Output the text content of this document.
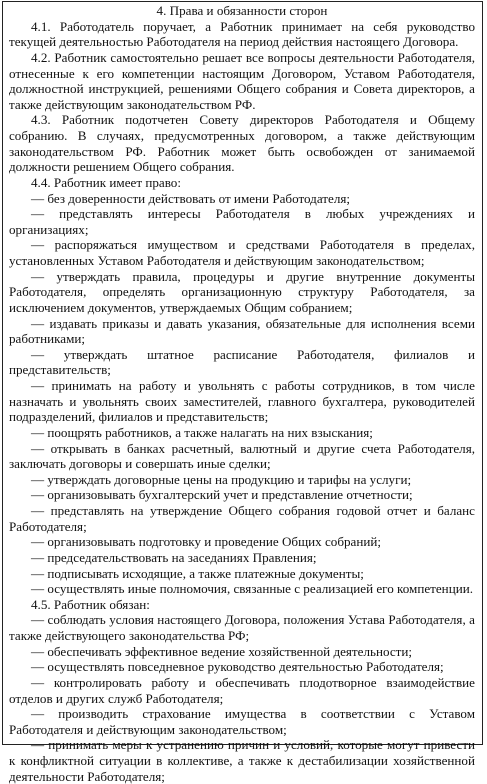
4. Права и обязанности сторон

4.1. Работодатель поручает, а Работник принимает на себя руководство текущей деятельностью Работодателя на период действия настоящего Договора.

4.2. Работник самостоятельно решает все вопросы деятельности Работодателя, отнесенные к его компетенции настоящим Договором, Уставом Работодателя, должностной инструкцией, решениями Общего собрания и Совета директоров, а также действующим законодательством РФ.

4.3. Работник подотчетен Совету директоров Работодателя и Общему собранию. В случаях, предусмотренных договором, а также действующим законодательством РФ. Работник может быть освобожден от занимаемой должности решением Общего собрания.

4.4. Работник имеет право:

— без доверенности действовать от имени Работодателя;

— представлять интересы Работодателя в любых учреждениях и организациях;

— распоряжаться имуществом и средствами Работодателя в пределах, установленных Уставом Работодателя и действующим законодательством;

— утверждать правила, процедуры и другие внутренние документы Работодателя, определять организационную структуру Работодателя, за исключением документов, утверждаемых Общим собранием;

— издавать приказы и давать указания, обязательные для исполнения всеми работниками;

— утверждать штатное расписание Работодателя, филиалов и представительств;

— принимать на работу и увольнять с работы сотрудников, в том числе назначать и увольнять своих заместителей, главного бухгалтера, руководителей подразделений, филиалов и представительств;

— поощрять работников, а также налагать на них взыскания;

— открывать в банках расчетный, валютный и другие счета Работодателя, заключать договоры и совершать иные сделки;

— утверждать договорные цены на продукцию и тарифы на услуги;

— организовывать бухгалтерский учет и представление отчетности;

— представлять на утверждение Общего собрания годовой отчет и баланс Работодателя;

— организовывать подготовку и проведение Общих собраний;

— председательствовать на заседаниях Правления;

— подписывать исходящие, а также платежные документы;

— осуществлять иные полномочия, связанные с реализацией его компетенции.

4.5. Работник обязан:

— соблюдать условия настоящего Договора, положения Устава Работодателя, а также действующего законодательства РФ;

— обеспечивать эффективное ведение хозяйственной деятельности;

— осуществлять повседневное руководство деятельностью Работодателя;

— контролировать работу и обеспечивать плодотворное взаимодействие отделов и других служб Работодателя;

— производить страхование имущества в соответствии с Уставом Работодателя и действующим законодательством;

— принимать меры к устранению причин и условий, которые могут привести к конфликтной ситуации в коллективе, а также к дестабилизации хозяйственной деятельности Работодателя;
